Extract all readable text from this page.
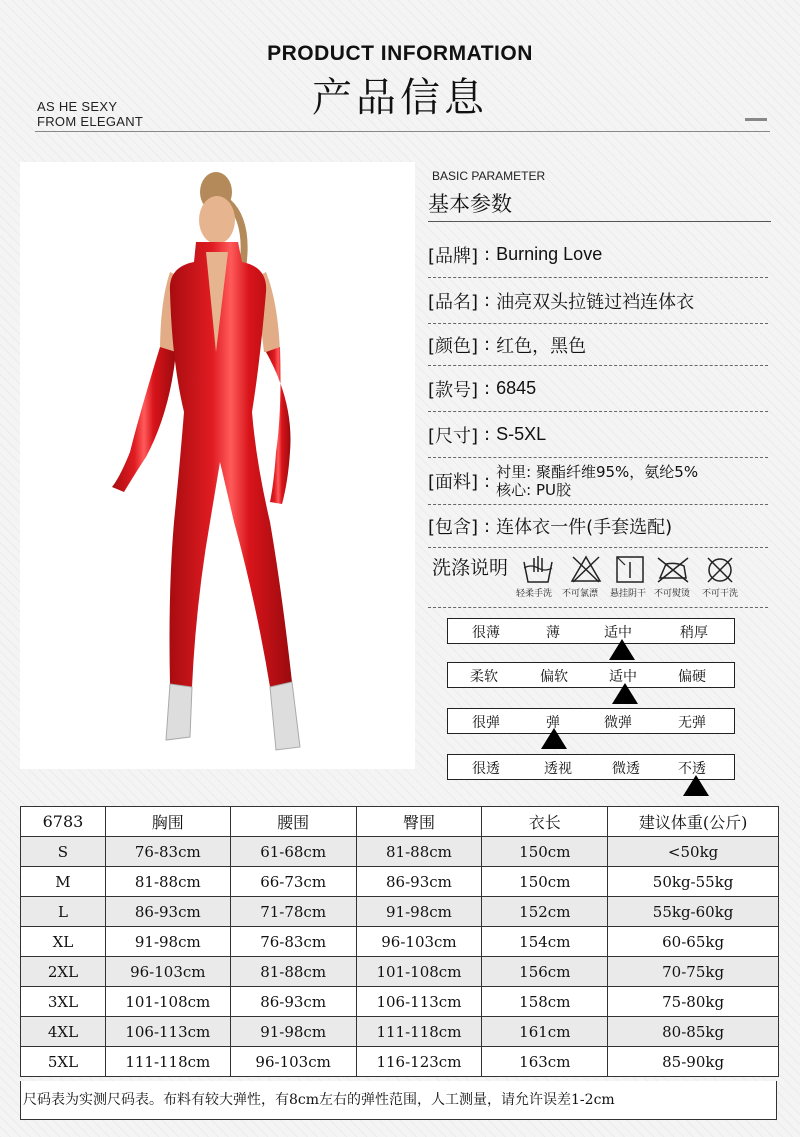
PRODUCT INFORMATION
产品信息
AS HE SEXY
FROM ELEGANT
BASIC PARAMETER
基本参数
[品牌] : Burning Love
[品名] : 油亮双头拉链过裆连体衣
[颜色] : 红色，黑色
[款号] : 6845
[尺寸] : S-5XL
[面料] : 衬里: 聚酯纤维95%，氨纶5%
核心: PU胶
[包含] : 连体衣一件(手套选配)
洗涤说明
轻柔手洗 不可氯漂 悬挂阴干 不可熨烫 不可干洗
很薄	薄	适中	稍厚
柔软	偏软	适中	偏硬
很弹	弹	微弹	无弹
很透	透视	微透	不透
6783	胸围	腰围	臀围	衣长	建议体重(公斤)
S	76-83cm	61-68cm	81-88cm	150cm	<50kg
M	81-88cm	66-73cm	86-93cm	150cm	50kg-55kg
L	86-93cm	71-78cm	91-98cm	152cm	55kg-60kg
XL	91-98cm	76-83cm	96-103cm	154cm	60-65kg
2XL	96-103cm	81-88cm	101-108cm	156cm	70-75kg
3XL	101-108cm	86-93cm	106-113cm	158cm	75-80kg
4XL	106-113cm	91-98cm	111-118cm	161cm	80-85kg
5XL	111-118cm	96-103cm	116-123cm	163cm	85-90kg
尺码表为实测尺码表。布料有较大弹性，有8cm左右的弹性范围，人工测量，请允许误差1-2cm
